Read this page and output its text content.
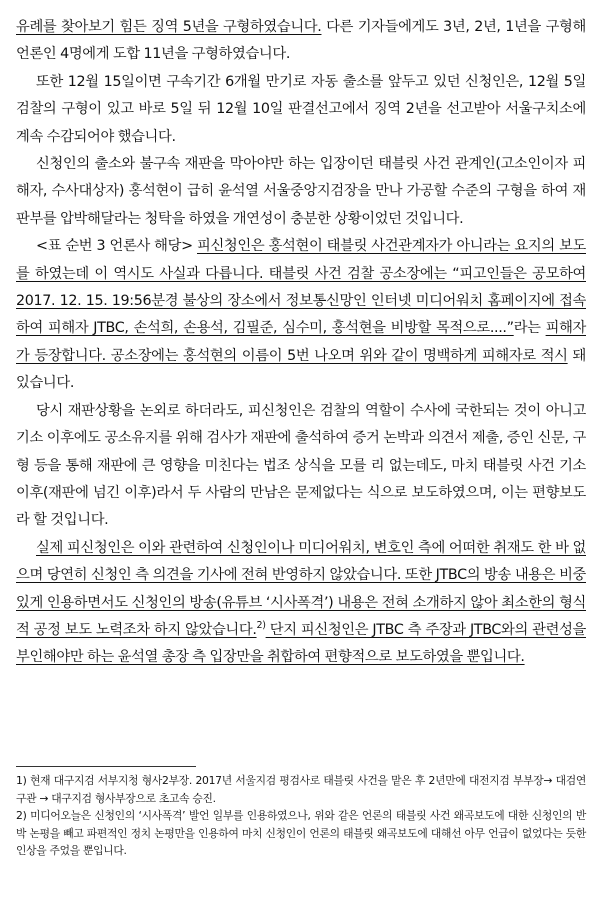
유례를 찾아보기 힘든 징역 5년을 구형하였습니다. 다른 기자들에게도 3년, 2년, 1년을 구형해 언론인 4명에게 도합 11년을 구형하였습니다.

또한 12월 15일이면 구속기간 6개월 만기로 자동 출소를 앞두고 있던 신청인은, 12월 5일 검찰의 구형이 있고 바로 5일 뒤 12월 10일 판결선고에서 징역 2년을 선고받아 서울구치소에 계속 수감되어야 했습니다.

신청인의 출소와 불구속 재판을 막아야만 하는 입장이던 태블릿 사건 관계인(고소인이자 피해자, 수사대상자) 홍석현이 급히 윤석열 서울중앙지검장을 만나 가공할 수준의 구형을 하여 재판부를 압박해달라는 청탁을 하였을 개연성이 충분한 상황이었던 것입니다.

<표 순번 3 언론사 해당> 피신청인은 홍석현이 태블릿 사건관계자가 아니라는 요지의 보도를 하였는데 이 역시도 사실과 다릅니다. 태블릿 사건 검찰 공소장에는 “피고인들은 공모하여 2017. 12. 15. 19:56분경 불상의 장소에서 정보통신망인 인터넷 미디어워치 홈페이지에 접속하여 피해자 JTBC, 손석희, 손용석, 김필준, 심수미, 홍석현을 비방할 목적으로....”라는 피해자가 등장합니다. 공소장에는 홍석현의 이름이 5번 나오며 위와 같이 명백하게 피해자로 적시 돼 있습니다.

당시 재판상황을 논외로 하더라도, 피신청인은 검찰의 역할이 수사에 국한되는 것이 아니고 기소 이후에도 공소유지를 위해 검사가 재판에 출석하여 증거 논박과 의견서 제출, 증인 신문, 구형 등을 통해 재판에 큰 영향을 미친다는 법조 상식을 모를 리 없는데도, 마치 태블릿 사건 기소 이후(재판에 넘긴 이후)라서 두 사람의 만남은 문제없다는 식으로 보도하였으며, 이는 편향보도라 할 것입니다.

실제 피신청인은 이와 관련하여 신청인이나 미디어워치, 변호인 측에 어떠한 취재도 한 바 없으며 당연히 신청인 측 의견을 기사에 전혀 반영하지 않았습니다. 또한 JTBC의 방송 내용은 비중있게 인용하면서도 신청인의 방송(유튜브 ‘시사폭격’) 내용은 전혀 소개하지 않아 최소한의 형식적 공정 보도 노력조차 하지 않았습니다.$^{2)}$ 단지 피신청인은 JTBC 측 주장과 JTBC와의 관련성을 부인해야만 하는 윤석열 총장 측 입장만을 취합하여 편향적으로 보도하였을 뿐입니다.

1) 현재 대구지검 서부지청 형사2부장. 2017년 서울지검 평검사로 태블릿 사건을 맡은 후 2년만에 대전지검 부부장→ 대검연구관 → 대구지검 형사부장으로 초고속 승진.

2) 미디어오늘은 신청인의 ‘시사폭격’ 발언 일부를 인용하였으나, 위와 같은 언론의 태블릿 사건 왜곡보도에 대한 신청인의 반박 논평을 빼고 파편적인 정치 논평만을 인용하여 마치 신청인이 언론의 태블릿 왜곡보도에 대해선 아무 언급이 없었다는 듯한 인상을 주었을 뿐입니다.
